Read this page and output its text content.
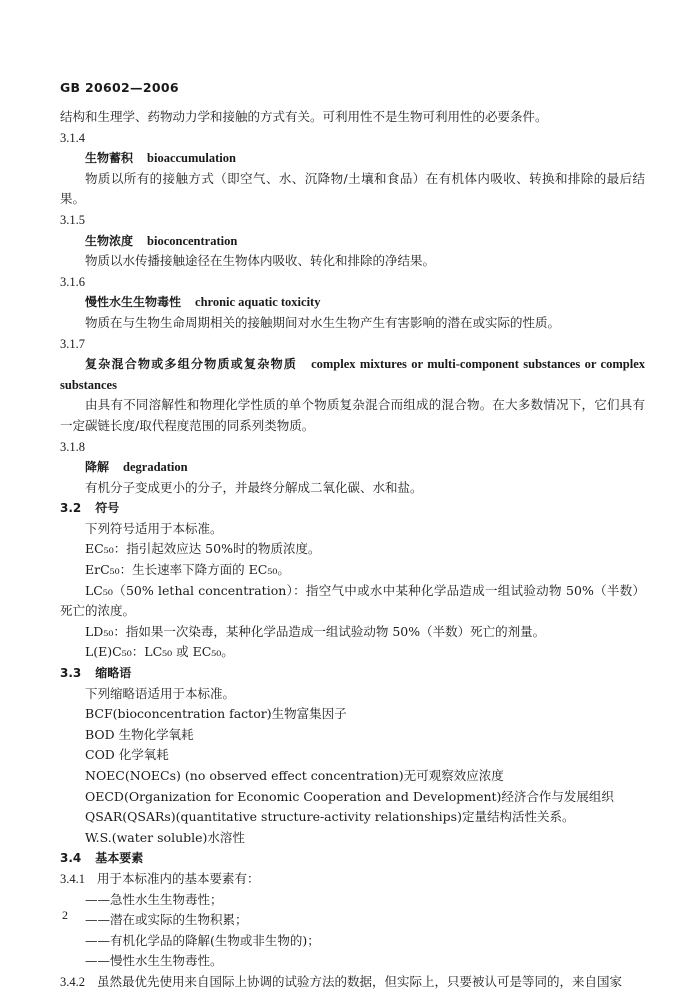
GB 20602—2006
结构和生理学、药物动力学和接触的方式有关。可利用性不是生物可利用性的必要条件。
3.1.4
生物蓄积 bioaccumulation
物质以所有的接触方式（即空气、水、沉降物/土壤和食品）在有机体内吸收、转换和排除的最后结果。
3.1.5
生物浓度 bioconcentration
物质以水传播接触途径在生物体内吸收、转化和排除的净结果。
3.1.6
慢性水生生物毒性 chronic aquatic toxicity
物质在与生物生命周期相关的接触期间对水生生物产生有害影响的潜在或实际的性质。
3.1.7
复杂混合物或多组分物质或复杂物质 complex mixtures or multi-component substances or complex substances
由具有不同溶解性和物理化学性质的单个物质复杂混合而组成的混合物。在大多数情况下，它们具有一定碳链长度/取代程度范围的同系列类物质。
3.1.8
降解 degradation
有机分子变成更小的分子，并最终分解成二氧化碳、水和盐。
3.2 符号
下列符号适用于本标准。
EC₅₀：指引起效应达 50%时的物质浓度。
ErC₅₀：生长速率下降方面的 EC₅₀。
LC₅₀（50% lethal concentration）：指空气中或水中某种化学品造成一组试验动物 50%（半数）死亡的浓度。
LD₅₀：指如果一次染毒，某种化学品造成一组试验动物 50%（半数）死亡的剂量。
L(E)C₅₀：LC₅₀ 或 EC₅₀。
3.3 缩略语
下列缩略语适用于本标准。
BCF(bioconcentration factor)生物富集因子
BOD 生物化学氧耗
COD 化学氧耗
NOEC(NOECs) (no observed effect concentration)无可观察效应浓度
OECD(Organization for Economic Cooperation and Development)经济合作与发展组织
QSAR(QSARs)(quantitative structure-activity relationships)定量结构活性关系。
W.S.(water soluble)水溶性
3.4 基本要素
3.4.1 用于本标准内的基本要素有：
——急性水生生物毒性；
——潜在或实际的生物积累；
——有机化学品的降解(生物或非生物的)；
——慢性水生生物毒性。
3.4.2 虽然最优先使用来自国际上协调的试验方法的数据，但实际上，只要被认可是等同的，来自国家
2
